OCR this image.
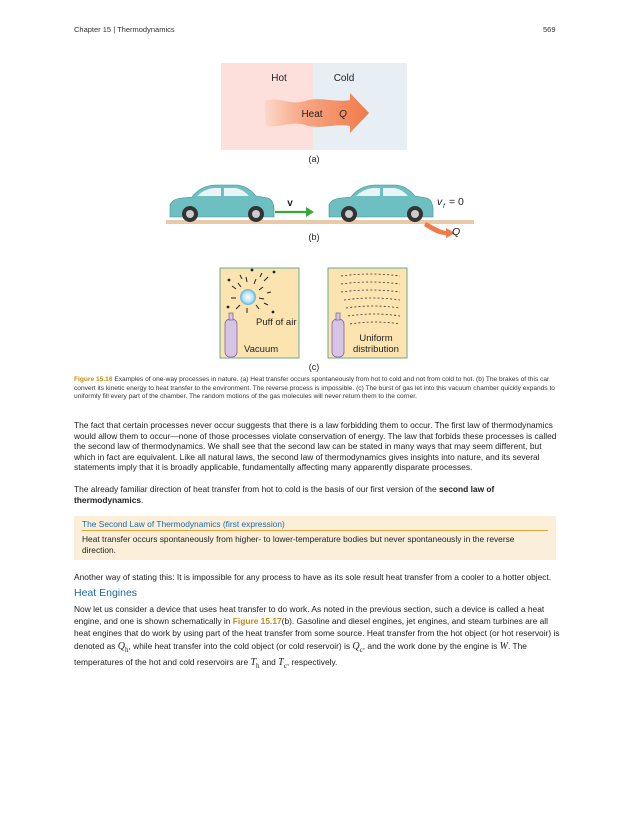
Chapter 15 | Thermodynamics	569
Hot	Cold
Heat Q
(a)
v	v f = 0
Q
(b)
Puff of air
Vacuum
Uniform
distribution
(c)
Figure 15.16 Examples of one-way processes in nature. (a) Heat transfer occurs spontaneously from hot to cold and not from cold to hot. (b) The brakes of this car convert its kinetic energy to heat transfer to the environment. The reverse process is impossible. (c) The burst of gas let into this vacuum chamber quickly expands to uniformly fill every part of the chamber. The random motions of the gas molecules will never return them to the corner.

The fact that certain processes never occur suggests that there is a law forbidding them to occur. The first law of thermodynamics would allow them to occur—none of those processes violate conservation of energy. The law that forbids these processes is called the second law of thermodynamics. We shall see that the second law can be stated in many ways that may seem different, but which in fact are equivalent. Like all natural laws, the second law of thermodynamics gives insights into nature, and its several statements imply that it is broadly applicable, fundamentally affecting many apparently disparate processes.

The already familiar direction of heat transfer from hot to cold is the basis of our first version of the second law of thermodynamics.

The Second Law of Thermodynamics (first expression)
Heat transfer occurs spontaneously from higher- to lower-temperature bodies but never spontaneously in the reverse direction.

Another way of stating this: It is impossible for any process to have as its sole result heat transfer from a cooler to a hotter object.

Heat Engines

Now let us consider a device that uses heat transfer to do work. As noted in the previous section, such a device is called a heat engine, and one is shown schematically in Figure 15.17(b). Gasoline and diesel engines, jet engines, and steam turbines are all heat engines that do work by using part of the heat transfer from some source. Heat transfer from the hot object (or hot reservoir) is denoted as $Q_h$, while heat transfer into the cold object (or cold reservoir) is $Q_c$, and the work done by the engine is W. The temperatures of the hot and cold reservoirs are $T_h$ and $T_c$, respectively.
